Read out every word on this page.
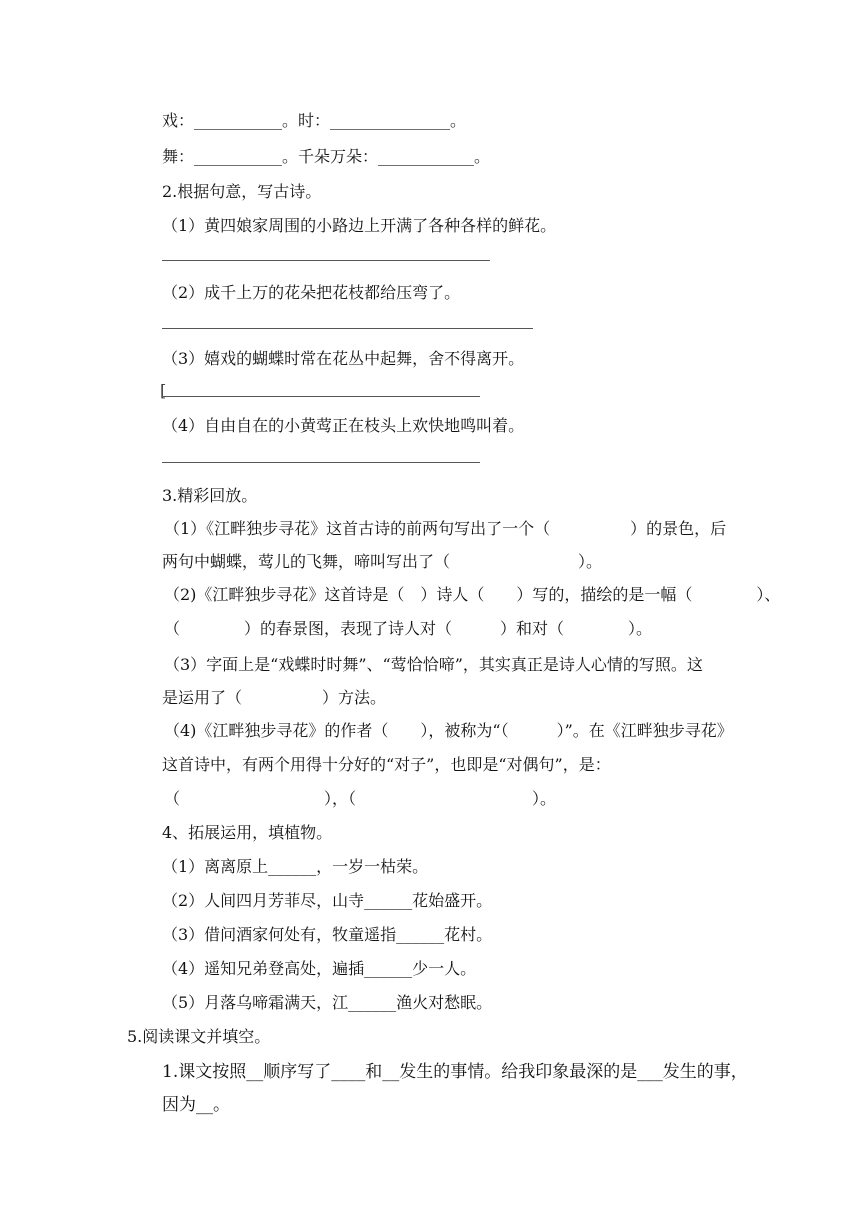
戏：___________。时：_______________。
舞：___________。千朵万朵：____________。
2.根据句意，写古诗。
（1）黄四娘家周围的小路边上开满了各种各样的鲜花。
（2）成千上万的花朵把花枝都给压弯了。
（3）嬉戏的蝴蝶时常在花丛中起舞，舍不得离开。
[
（4）自由自在的小黄莺正在枝头上欢快地鸣叫着。
3.精彩回放。
（1）《江畔独步寻花》这首古诗的前两句写出了一个（　　　　　）的景色，后
两句中蝴蝶，莺儿的飞舞，啼叫写出了（　　　　　　　　）。
（2)《江畔独步寻花》这首诗是（　）诗人（　　）写的，描绘的是一幅（　　　　）、
（　　　　）的春景图，表现了诗人对（　　　）和对（　　　　）。
（3）字面上是“戏蝶时时舞”、“莺恰恰啼”，其实真正是诗人心情的写照。这
是运用了（　　　　　）方法。
（4)《江畔独步寻花》的作者（　　），被称为“（　　　）”。在《江畔独步寻花》
这首诗中，有两个用得十分好的“对子”，也即是“对偶句”，是：
（　　　　　　　　　），（　　　　　　　　　　　）。
4、拓展运用，填植物。
（1）离离原上______，一岁一枯荣。
（2）人间四月芳菲尽，山寺______花始盛开。
（3）借问酒家何处有，牧童遥指______花村。
（4）遥知兄弟登高处，遍插______少一人。
（5）月落乌啼霜满天，江______渔火对愁眠。
5.阅读课文并填空。
1.课文按照__顺序写了____和__发生的事情。给我印象最深的是___发生的事，
因为__。
